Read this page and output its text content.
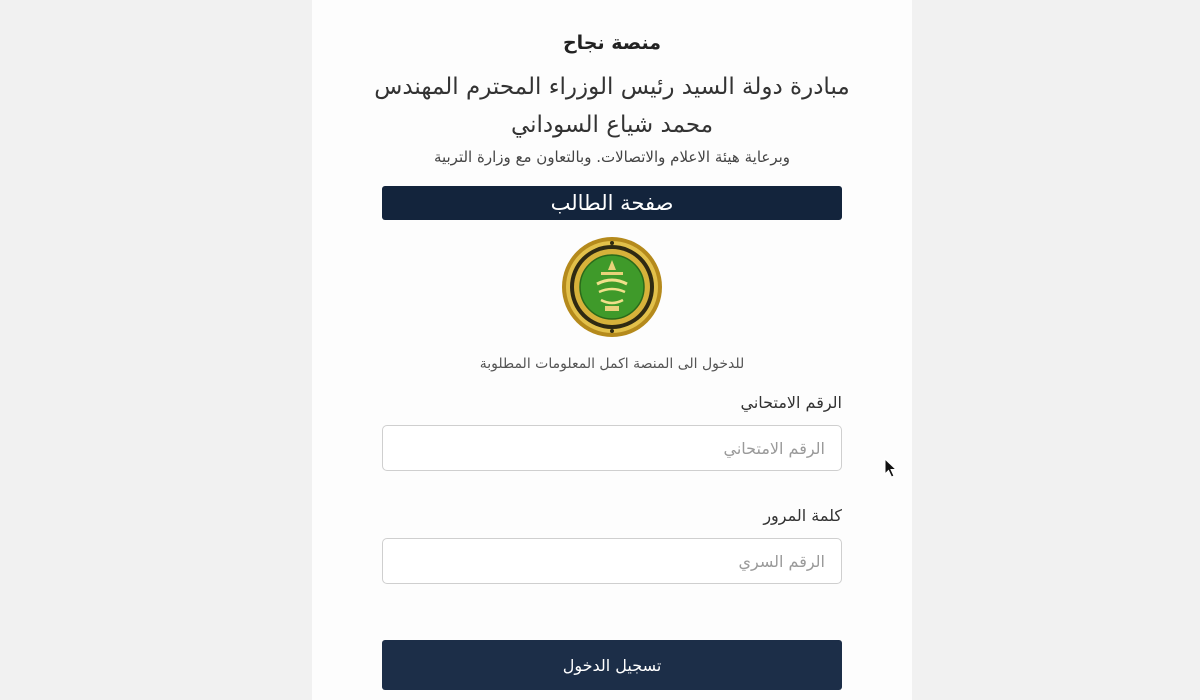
منصة نجاح
مبادرة دولة السيد رئيس الوزراء المحترم المهندس
محمد شياع السوداني
وبرعاية هيئة الاعلام والاتصالات. وبالتعاون مع وزارة التربية
صفحة الطالب
للدخول الى المنصة اكمل المعلومات المطلوبة
الرقم الامتحاني
الرقم الامتحاني
كلمة المرور
تسجيل الدخول
